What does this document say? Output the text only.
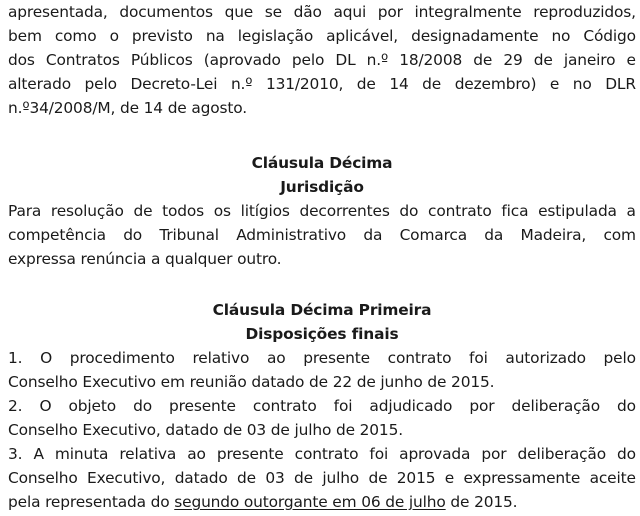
apresentada, documentos que se dão aqui por integralmente reproduzidos,
bem como o previsto na legislação aplicável, designadamente no Código
dos Contratos Públicos (aprovado pelo DL n.º 18/2008 de 29 de janeiro e
alterado pelo Decreto-Lei n.º 131/2010, de 14 de dezembro) e no DLR
n.º34/2008/M, de 14 de agosto.
Cláusula Décima
Jurisdição
Para resolução de todos os litígios decorrentes do contrato fica estipulada a
competência do Tribunal Administrativo da Comarca da Madeira, com
expressa renúncia a qualquer outro.
Cláusula Décima Primeira
Disposições finais
1. O procedimento relativo ao presente contrato foi autorizado pelo
Conselho Executivo em reunião datado de 22 de junho de 2015.
2. O objeto do presente contrato foi adjudicado por deliberação do
Conselho Executivo, datado de 03 de julho de 2015.
3. A minuta relativa ao presente contrato foi aprovada por deliberação do
Conselho Executivo, datado de 03 de julho de 2015 e expressamente aceite
pela representada do segundo outorgante em 06 de julho de 2015.
